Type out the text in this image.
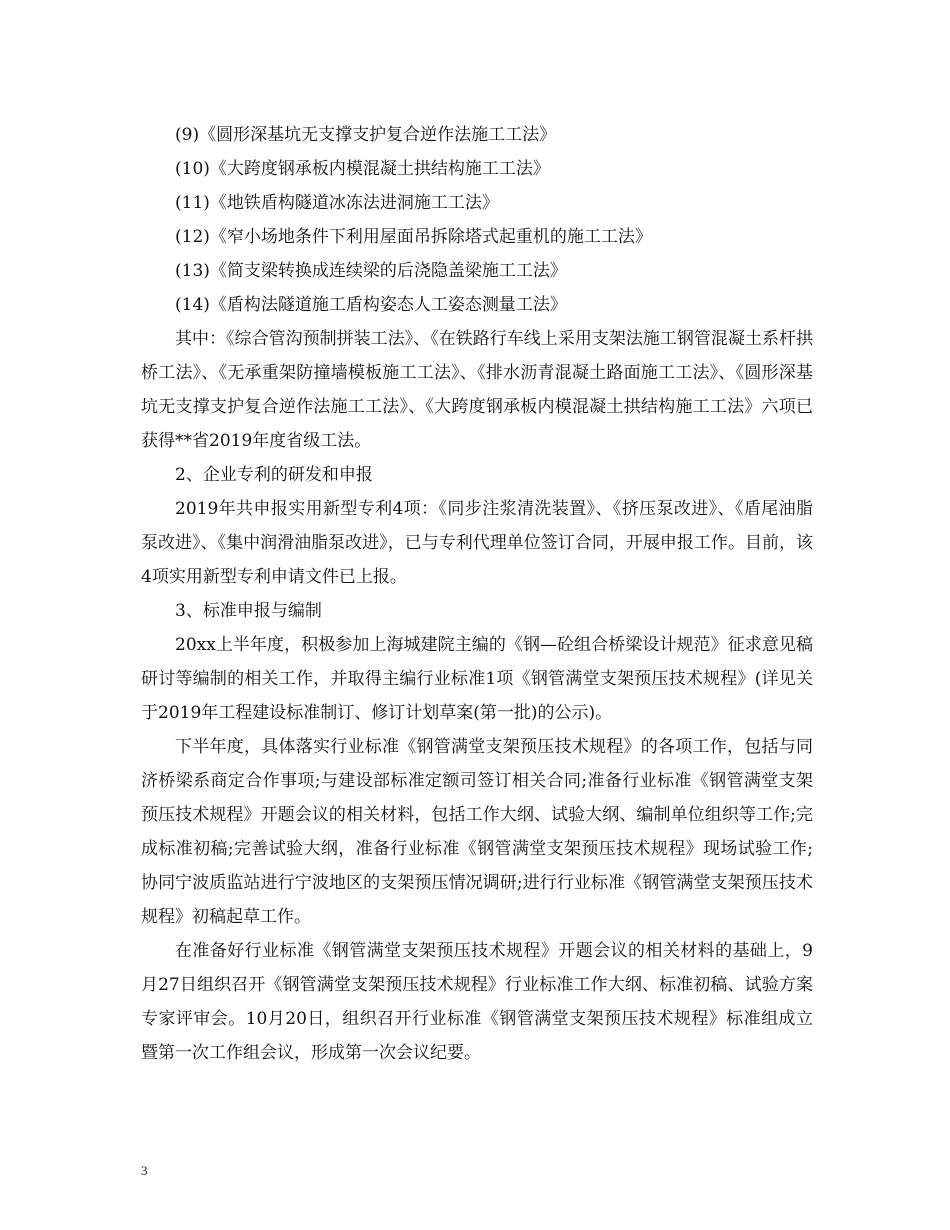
(9)《圆形深基坑无支撑支护复合逆作法施工工法》
(10)《大跨度钢承板内模混凝土拱结构施工工法》
(11)《地铁盾构隧道冰冻法进洞施工工法》
(12)《窄小场地条件下利用屋面吊拆除塔式起重机的施工工法》
(13)《简支梁转换成连续梁的后浇隐盖梁施工工法》
(14)《盾构法隧道施工盾构姿态人工姿态测量工法》

其中：《综合管沟预制拼装工法》、《在铁路行车线上采用支架法施工钢管混凝土系杆拱桥工法》、《无承重架防撞墙模板施工工法》、《排水沥青混凝土路面施工工法》、《圆形深基坑无支撑支护复合逆作法施工工法》、《大跨度钢承板内模混凝土拱结构施工工法》六项已获得**省2019年度省级工法。

2、企业专利的研发和申报

2019年共申报实用新型专利4项：《同步注浆清洗装置》、《挤压泵改进》、《盾尾油脂泵改进》、《集中润滑油脂泵改进》，已与专利代理单位签订合同，开展申报工作。目前，该4项实用新型专利申请文件已上报。

3、标准申报与编制

20xx上半年度，积极参加上海城建院主编的《钢—砼组合桥梁设计规范》征求意见稿研讨等编制的相关工作，并取得主编行业标准1项《钢管满堂支架预压技术规程》(详见关于2019年工程建设标准制订、修订计划草案(第一批)的公示)。

下半年度，具体落实行业标准《钢管满堂支架预压技术规程》的各项工作，包括与同济桥梁系商定合作事项;与建设部标准定额司签订相关合同;准备行业标准《钢管满堂支架预压技术规程》开题会议的相关材料，包括工作大纲、试验大纲、编制单位组织等工作;完成标准初稿;完善试验大纲，准备行业标准《钢管满堂支架预压技术规程》现场试验工作;协同宁波质监站进行宁波地区的支架预压情况调研;进行行业标准《钢管满堂支架预压技术规程》初稿起草工作。

在准备好行业标准《钢管满堂支架预压技术规程》开题会议的相关材料的基础上，9月27日组织召开《钢管满堂支架预压技术规程》行业标准工作大纲、标准初稿、试验方案专家评审会。10月20日，组织召开行业标准《钢管满堂支架预压技术规程》标准组成立暨第一次工作组会议，形成第一次会议纪要。

3
